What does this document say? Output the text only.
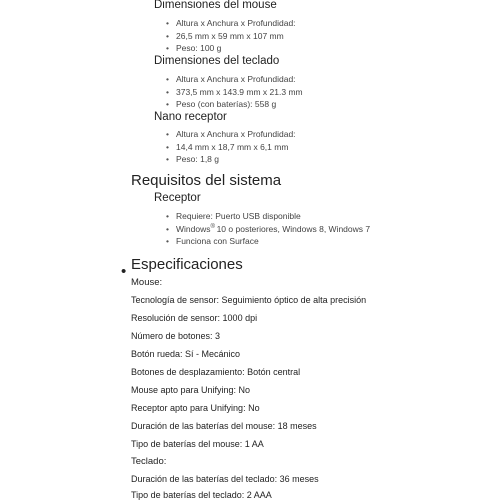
Dimensiones del mouse
• Altura x Anchura x Profundidad:
• 26,5 mm x 59 mm x 107 mm
• Peso: 100 g
Dimensiones del teclado
• Altura x Anchura x Profundidad:
• 373,5 mm x 143.9 mm x 21.3 mm
• Peso (con baterías): 558 g
Nano receptor
• Altura x Anchura x Profundidad:
• 14,4 mm x 18,7 mm x 6,1 mm
• Peso: 1,8 g
Requisitos del sistema
Receptor
• Requiere: Puerto USB disponible
• Windows® 10 o posteriores, Windows 8, Windows 7
• Funciona con Surface
• Especificaciones
Mouse:
Tecnología de sensor: Seguimiento óptico de alta precisión
Resolución de sensor: 1000 dpi
Número de botones: 3
Botón rueda: Sí - Mecánico
Botones de desplazamiento: Botón central
Mouse apto para Unifying: No
Receptor apto para Unifying: No
Duración de las baterías del mouse: 18 meses
Tipo de baterías del mouse: 1 AA
Teclado:
Duración de las baterías del teclado: 36 meses
Tipo de baterías del teclado: 2 AAA
